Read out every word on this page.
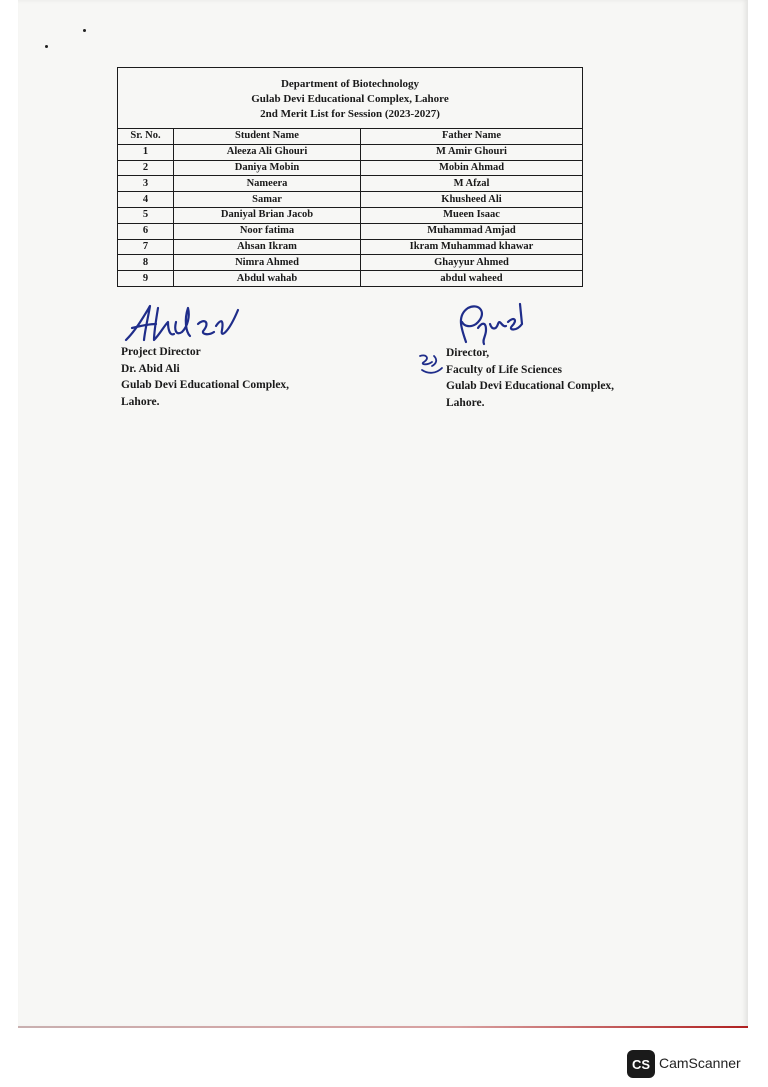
Department of Biotechnology
Gulab Devi Educational Complex, Lahore
2nd Merit List for Session (2023-2027)		

Sr. No.	Student Name	Father Name
1	Aleeza Ali Ghouri	M Amir Ghouri
2	Daniya Mobin	Mobin Ahmad
3	Nameera	M Afzal
4	Samar	Khusheed Ali
5	Daniyal Brian Jacob	Mueen Isaac
6	Noor fatima	Muhammad Amjad
7	Ahsan Ikram	Ikram Muhammad khawar
8	Nimra Ahmed	Ghayyur Ahmed
9	Abdul wahab	abdul waheed
Project Director
Dr. Abid Ali
Gulab Devi Educational Complex,
Lahore.
Director,
Faculty of Life Sciences
Gulab Devi Educational Complex,
Lahore.
CS CamScanner
